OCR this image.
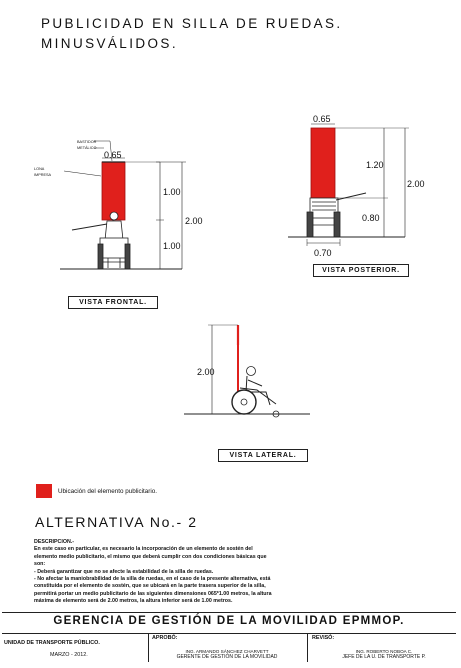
PUBLICIDAD EN SILLA DE RUEDAS.
MINUSVÁLIDOS.
BASTIDOR
METÁLICO
LONA
IMPRESA
0.65
1.00
2.00
1.00
0.65
1.20
2.00
0.80
0.70
2.00
VISTA FRONTAL.
VISTA POSTERIOR.
VISTA LATERAL.
Ubicación del elemento publicitario.
ALTERNATIVA No.- 2
DESCRIPCIÓN.-
En este caso en particular, es necesario la incorporación de un elemento de sostén del
elemento medio publicitario, el mismo que deberá cumplir con dos condiciones básicas que
son:
- Deberá garantizar que no se afecte la estabilidad de la silla de ruedas.
- No afectar la maniobrabilidad de la silla de ruedas, en el caso de la presente alternativa, está
constituida por el elemento de sostén, que se ubicará en la parte trasera superior de la silla,
permitirá portar un medio publicitario de las siguientes dimensiones 065*1.00 metros, la altura
máxima de elemento será de 2.00 metros, la altura inferior será de 1.00 metros.
GERENCIA DE GESTIÓN DE LA MOVILIDAD EPMMOP.
UNIDAD DE TRANSPORTE PÚBLICO.
MARZO - 2012.
APROBÓ:
ING. ARMANDO SÁNCHEZ CHARVETT
GERENTE DE GESTIÓN DE LA MOVILIDAD
REVISÓ:
ING. ROBERTO NOBOA C.
JEFE DE LA U. DE TRANSPORTE P.
